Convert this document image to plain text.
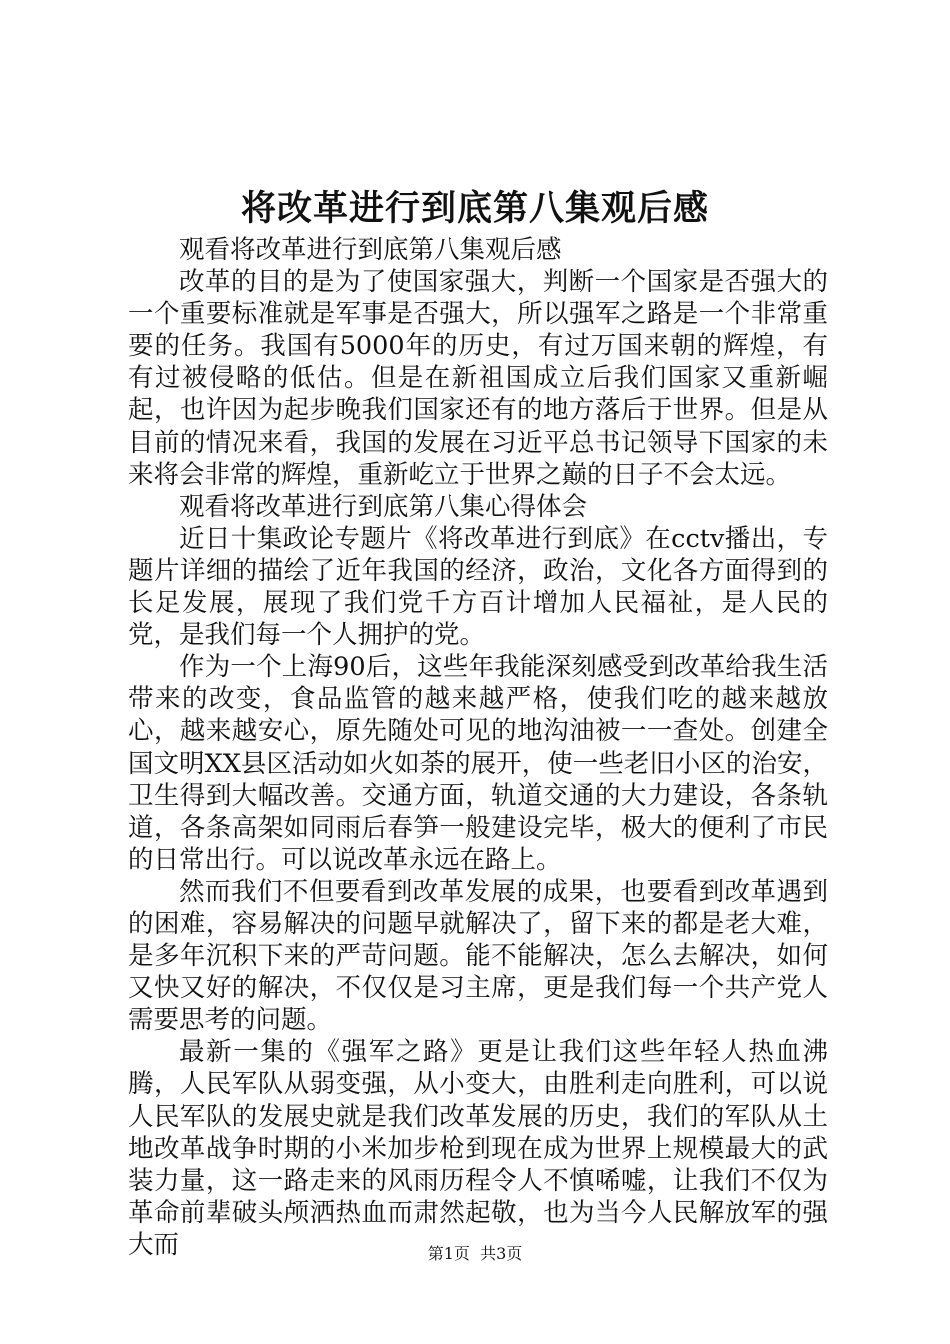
将改革进行到底第八集观后感

观看将改革进行到底第八集观后感

改革的目的是为了使国家强大，判断一个国家是否强大的一个重要标准就是军事是否强大，所以强军之路是一个非常重要的任务。我国有5000年的历史，有过万国来朝的辉煌，有有过被侵略的低估。但是在新祖国成立后我们国家又重新崛起，也许因为起步晚我们国家还有的地方落后于世界。但是从目前的情况来看，我国的发展在习近平总书记领导下国家的未来将会非常的辉煌，重新屹立于世界之巅的日子不会太远。

观看将改革进行到底第八集心得体会

近日十集政论专题片《将改革进行到底》在cctv播出，专题片详细的描绘了近年我国的经济，政治，文化各方面得到的长足发展，展现了我们党千方百计增加人民福祉，是人民的党，是我们每一个人拥护的党。

作为一个上海90后，这些年我能深刻感受到改革给我生活带来的改变，食品监管的越来越严格，使我们吃的越来越放心，越来越安心，原先随处可见的地沟油被一一查处。创建全国文明XX县区活动如火如荼的展开，使一些老旧小区的治安，卫生得到大幅改善。交通方面，轨道交通的大力建设，各条轨道，各条高架如同雨后春笋一般建设完毕，极大的便利了市民的日常出行。可以说改革永远在路上。

然而我们不但要看到改革发展的成果，也要看到改革遇到的困难，容易解决的问题早就解决了，留下来的都是老大难，是多年沉积下来的严苛问题。能不能解决，怎么去解决，如何又快又好的解决，不仅仅是习主席，更是我们每一个共产党人需要思考的问题。

最新一集的《强军之路》更是让我们这些年轻人热血沸腾，人民军队从弱变强，从小变大，由胜利走向胜利，可以说人民军队的发展史就是我们改革发展的历史，我们的军队从土地改革战争时期的小米加步枪到现在成为世界上规模最大的武装力量，这一路走来的风雨历程令人不慎唏嘘，让我们不仅为革命前辈破头颅洒热血而肃然起敬，也为当今人民解放军的强大而	第1页  共3页
